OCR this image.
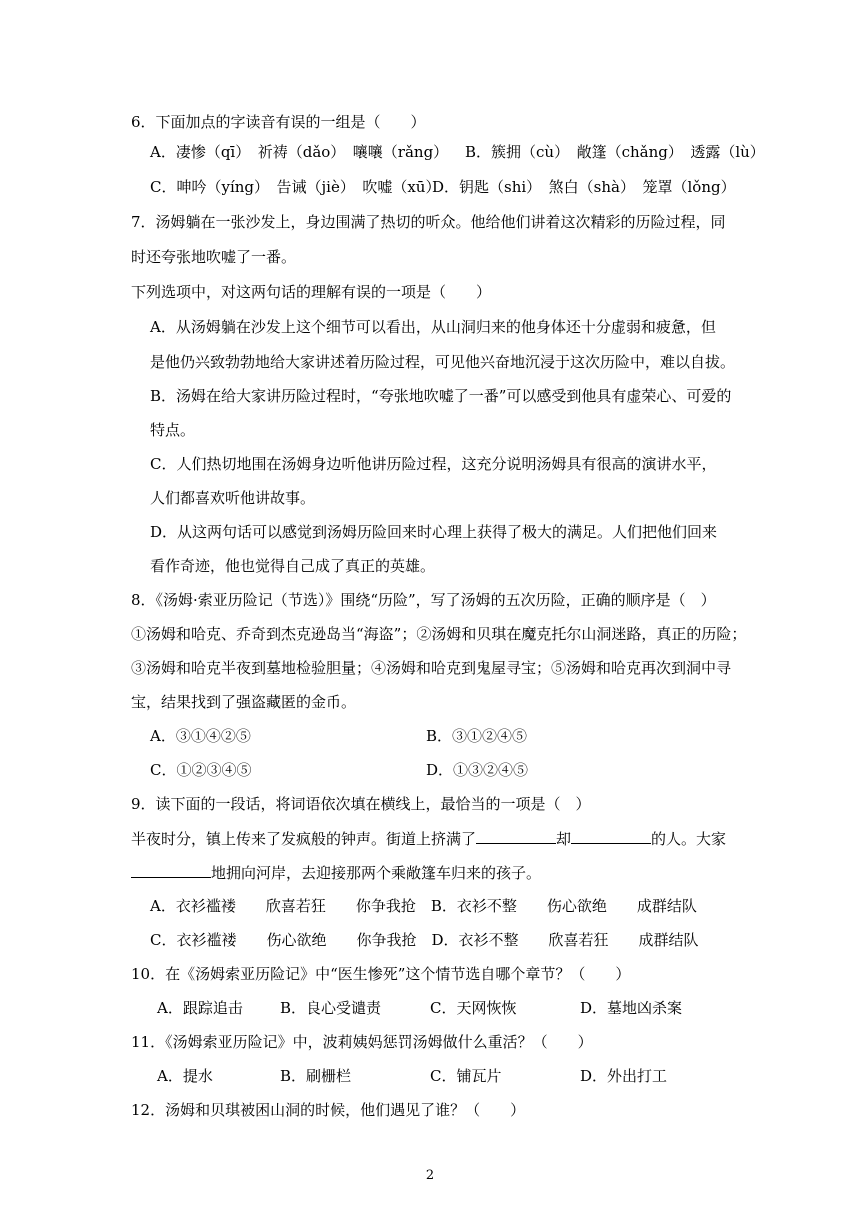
6．下面加点的字读音有误的一组是（　　）
A．凄惨（qī）　祈祷（dǎo）　嚷嚷（rǎng） B．簇拥（cù）　敞篷（chǎng）　透露（lù）
C．呻吟（yíng）　告诫（jiè）　吹嘘（xū）
D．钥匙（shi）　煞白（shà）　笼罩（lǒng）
7．汤姆躺在一张沙发上，身边围满了热切的听众。他给他们讲着这次精彩的历险过程，同
时还夸张地吹嘘了一番。
下列选项中，对这两句话的理解有误的一项是（　　）
A．从汤姆躺在沙发上这个细节可以看出，从山洞归来的他身体还十分虚弱和疲惫，但
是他仍兴致勃勃地给大家讲述着历险过程，可见他兴奋地沉浸于这次历险中，难以自拔。
B．汤姆在给大家讲历险过程时，“夸张地吹嘘了一番”可以感受到他具有虚荣心、可爱的
特点。
C．人们热切地围在汤姆身边听他讲历险过程，这充分说明汤姆具有很高的演讲水平，
人们都喜欢听他讲故事。
D．从这两句话可以感觉到汤姆历险回来时心理上获得了极大的满足。人们把他们回来
看作奇迹，他也觉得自己成了真正的英雄。
8．《汤姆·索亚历险记（节选）》围绕“历险”，写了汤姆的五次历险，正确的顺序是（　）
①汤姆和哈克、乔奇到杰克逊岛当“海盗”；②汤姆和贝琪在魔克托尔山洞迷路，真正的历险；
③汤姆和哈克半夜到墓地检验胆量；④汤姆和哈克到鬼屋寻宝；⑤汤姆和哈克再次到洞中寻
宝，结果找到了强盗藏匿的金币。
A．③①④②⑤	B．③①②④⑤
C．①②③④⑤	D．①③②④⑤
9．读下面的一段话，将词语依次填在横线上，最恰当的一项是（　）
半夜时分，镇上传来了发疯般的钟声。街道上挤满了	却	的人。大家
地拥向河岸，去迎接那两个乘敞篷车归来的孩子。
A．衣衫褴褛　　欣喜若狂　　你争我抢　B．衣衫不整　　伤心欲绝　　成群结队
C．衣衫褴褛　　伤心欲绝　　你争我抢　D．衣衫不整　　欣喜若狂　　成群结队
10．在《汤姆索亚历险记》中“医生惨死”这个情节选自哪个章节？（　　）
A．跟踪追击 B．良心受谴责	C．天网恢恢	D．墓地凶杀案
11．《汤姆索亚历险记》中，波莉姨妈惩罚汤姆做什么重活？（　　）
A．提水	B．刷栅栏	C．铺瓦片	D．外出打工
12．汤姆和贝琪被困山洞的时候，他们遇见了谁？（　　）
2
